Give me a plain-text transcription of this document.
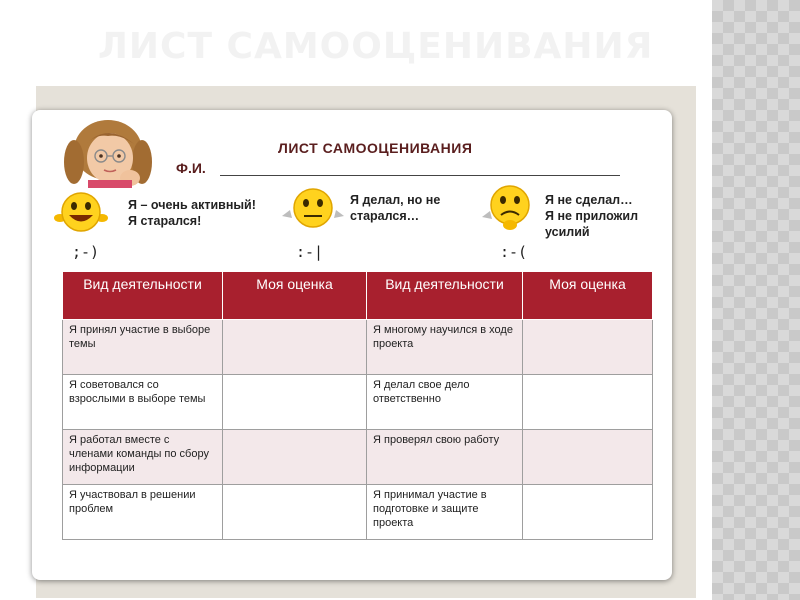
ЛИСТ САМООЦЕНИВАНИЯ
ЛИСТ САМООЦЕНИВАНИЯ
Ф.И.
Я – очень активный!
Я старался!
;-)
Я делал, но не
старался…
:-|
Я не сделал…
Я не приложил
усилий
:-(
Вид деятельности	Моя оценка	Вид деятельности	Моя оценка
Я принял участие в выборе темы		Я многому научился в ходе проекта	
Я советовался со взрослыми в выборе темы		Я делал свое дело ответственно	
Я работал вместе с членами команды по сбору информации		Я проверял свою работу	
Я участвовал в решении проблем		Я принимал участие в подготовке и защите проекта	
